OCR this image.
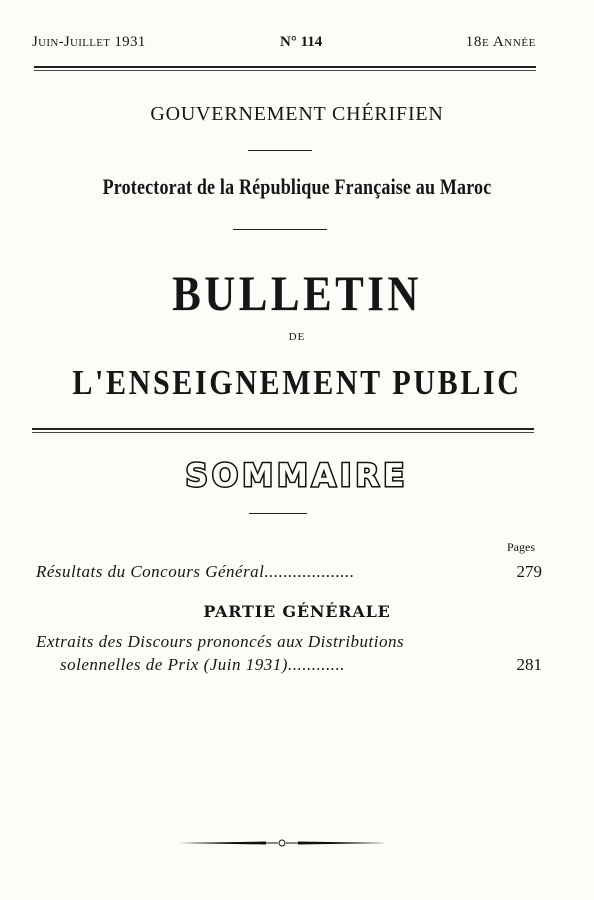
Juin-Juillet 1931	N° 114	18e Année
GOUVERNEMENT CHÉRIFIEN
Protectorat de la République Française au Maroc
BULLETIN
DE
L'ENSEIGNEMENT PUBLIC
SOMMAIRE
Pages
Résultats du Concours Général...................	279
PARTIE GÉNÉRALE
Extraits des Discours prononcés aux Distributions
solennelles de Prix (Juin 1931)............	281
